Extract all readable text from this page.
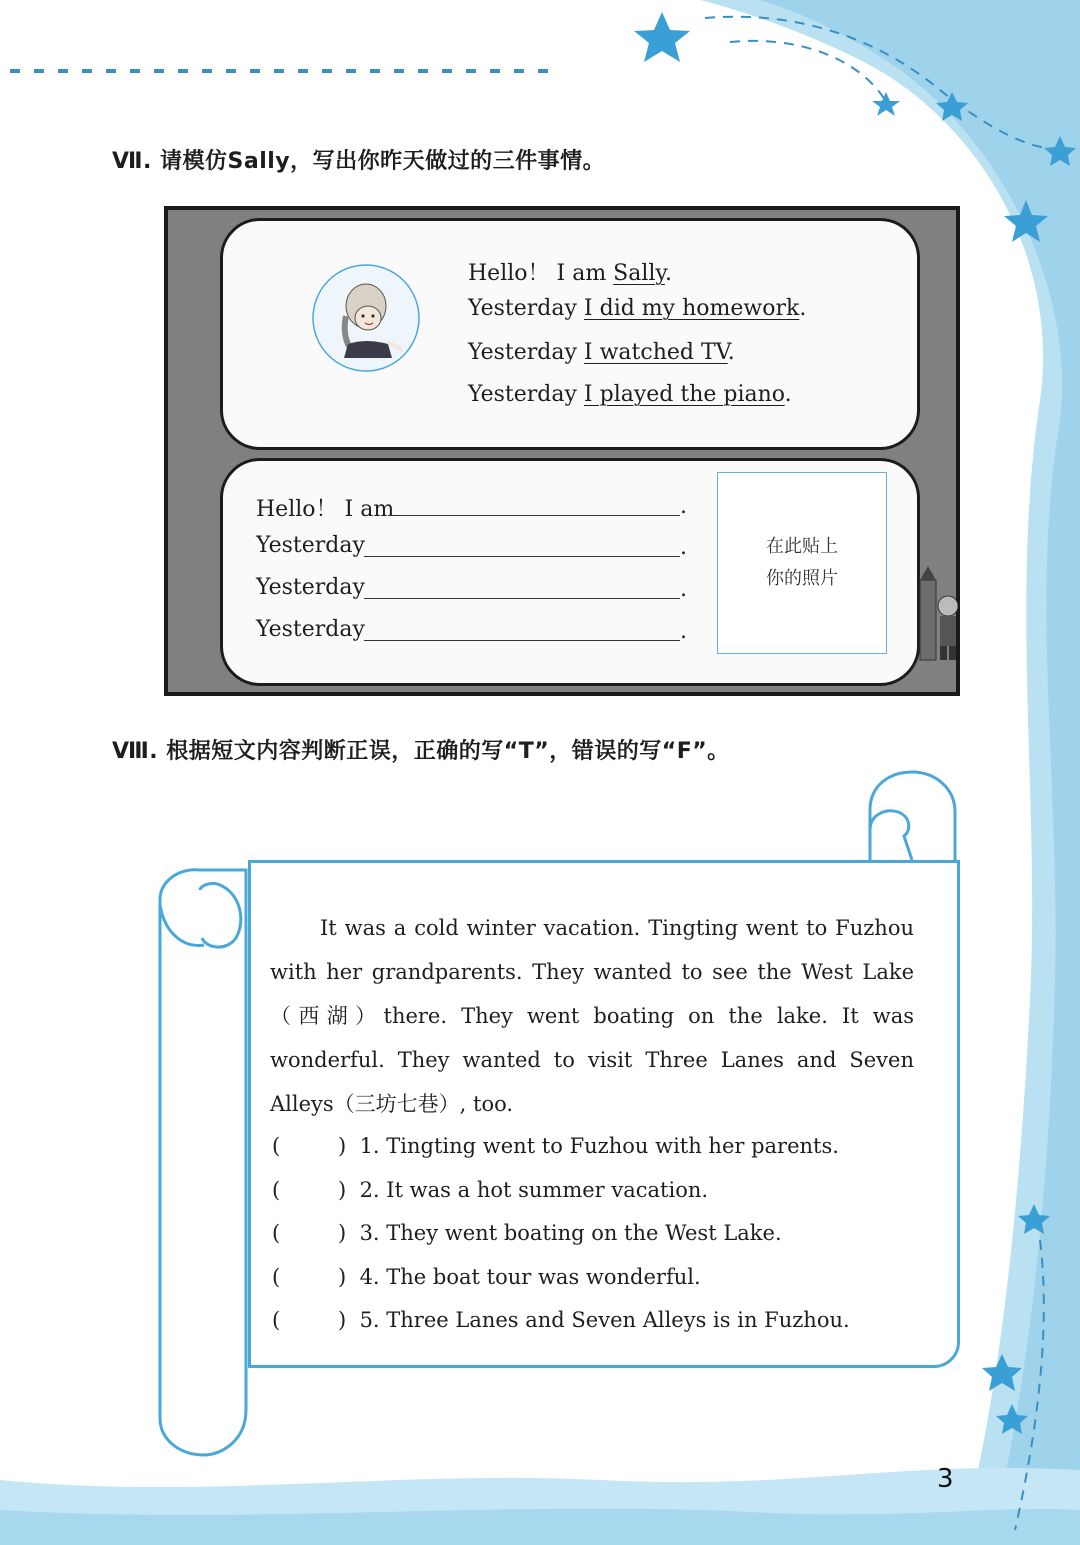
Ⅶ. 请模仿Sally，写出你昨天做过的三件事情。
Hello！ I am Sally.
Yesterday I did my homework.
Yesterday I watched TV.
Yesterday I played the piano.
Hello！ I am	.
Yesterday	.
Yesterday	.
Yesterday	.
在此贴上
你的照片
Ⅷ. 根据短文内容判断正误，正确的写“T”，错误的写“F”。
It was a cold winter vacation. Tingting went to Fuzhou with her grandparents. They wanted to see the West Lake（西湖）there. They went boating on the lake. It was wonderful. They wanted to visit Three Lanes and Seven Alleys（三坊七巷）, too.
(	) 1. Tingting went to Fuzhou with her parents.
(	) 2. It was a hot summer vacation.
(	) 3. They went boating on the West Lake.
(	) 4. The boat tour was wonderful.
(	) 5. Three Lanes and Seven Alleys is in Fuzhou.
3
